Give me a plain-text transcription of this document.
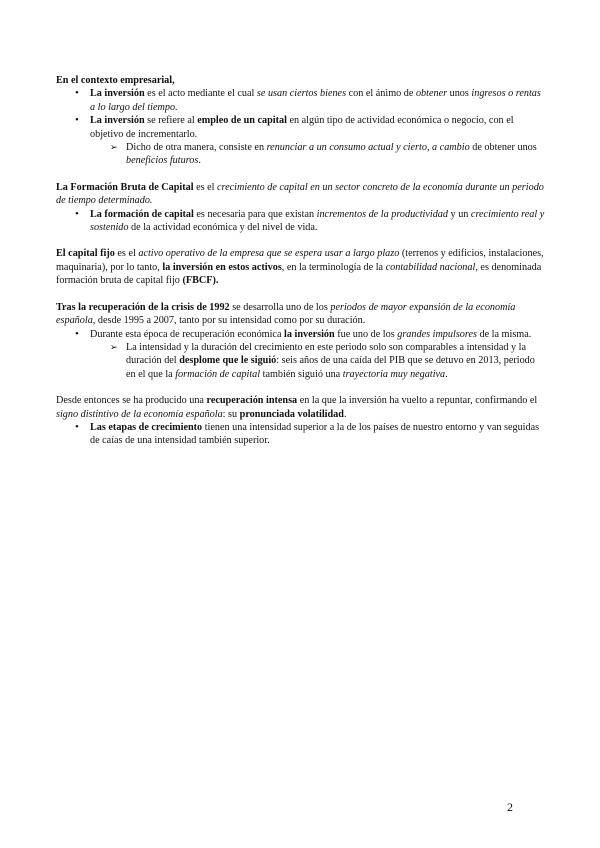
En el contexto empresarial,

• La inversión es el acto mediante el cual se usan ciertos bienes con el ánimo de obtener unos ingresos o rentas a lo largo del tiempo.
• La inversión se refiere al empleo de un capital en algún tipo de actividad económica o negocio, con el objetivo de incrementarlo.
➢ Dicho de otra manera, consiste en renunciar a un consumo actual y cierto, a cambio de obtener unos beneficios futuros.

La Formación Bruta de Capital es el crecimiento de capital en un sector concreto de la economía durante un periodo de tiempo determinado.

• La formación de capital es necesaria para que existan incrementos de la productividad y un crecimiento real y sostenido de la actividad económica y del nivel de vida.

El capital fijo es el activo operativo de la empresa que se espera usar a largo plazo (terrenos y edificios, instalaciones, maquinaria), por lo tanto, la inversión en estos activos, en la terminología de la contabilidad nacional, es denominada formación bruta de capital fijo (FBCF).

Tras la recuperación de la crisis de 1992 se desarrolla uno de los periodos de mayor expansión de la economía española, desde 1995 a 2007, tanto por su intensidad como por su duración.

• Durante esta época de recuperación económica la inversión fue uno de los grandes impulsores de la misma.
➢ La intensidad y la duración del crecimiento en este periodo solo son comparables a intensidad y la duración del desplome que le siguió: seis años de una caída del PIB que se detuvo en 2013, periodo en el que la formación de capital también siguió una trayectoria muy negativa.

Desde entonces se ha producido una recuperación intensa en la que la inversión ha vuelto a repuntar, confirmando el signo distintivo de la economía española: su pronunciada volatilidad.

• Las etapas de crecimiento tienen una intensidad superior a la de los países de nuestro entorno y van seguidas de caías de una intensidad también superior.
2
